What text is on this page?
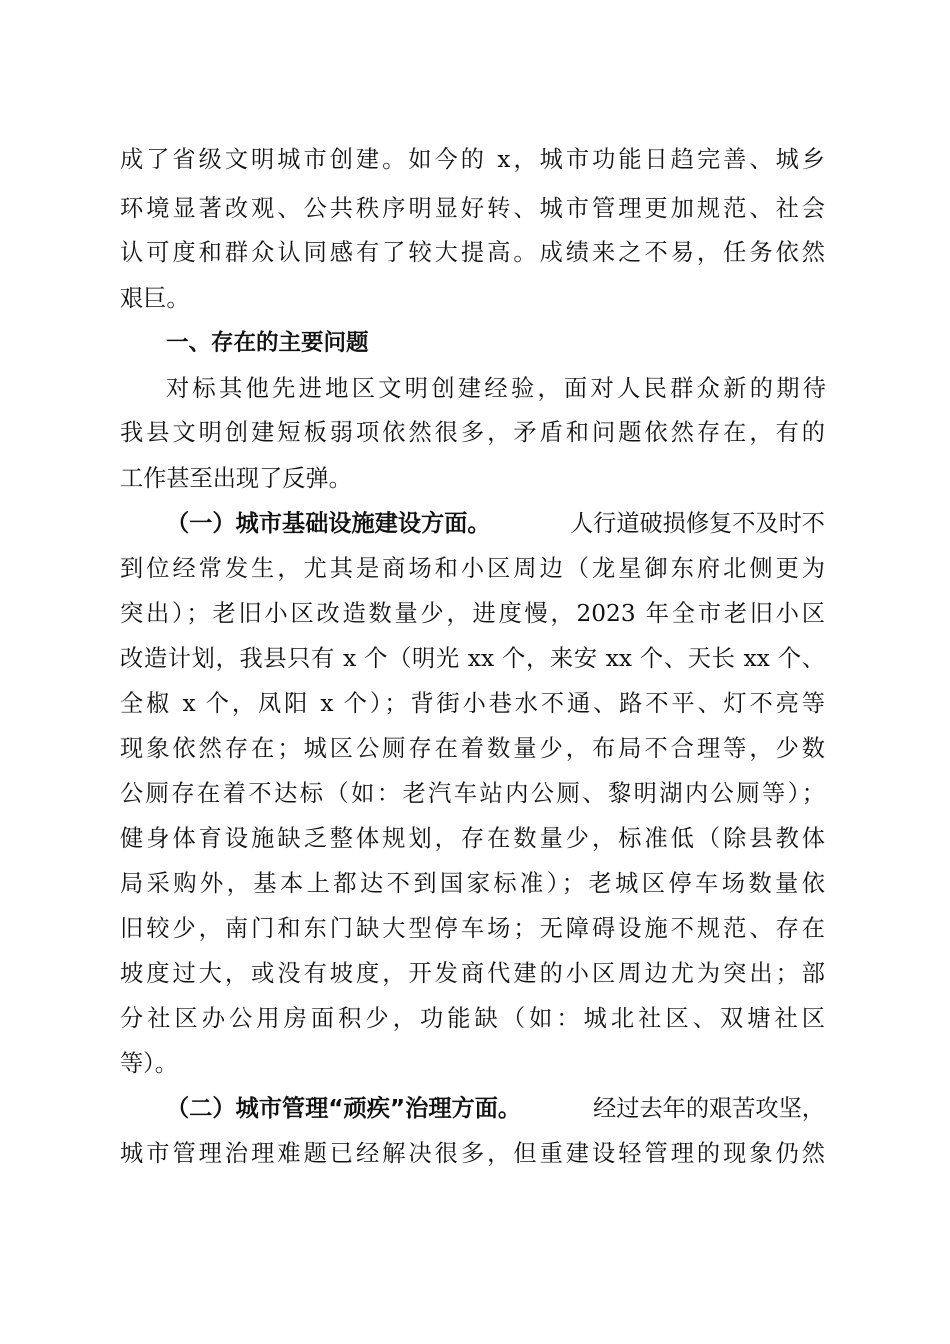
成了省级文明城市创建。如今的 x，城市功能日趋完善、城乡
环境显著改观、公共秩序明显好转、城市管理更加规范、社会
认可度和群众认同感有了较大提高。成绩来之不易，任务依然
艰巨。
一、存在的主要问题
对标其他先进地区文明创建经验，面对人民群众新的期待
我县文明创建短板弱项依然很多，矛盾和问题依然存在，有的
工作甚至出现了反弹。
（一）城市基础设施建设方面。	人行道破损修复不及时不
到位经常发生，尤其是商场和小区周边（龙星御东府北侧更为
突出）；老旧小区改造数量少，进度慢，2023 年全市老旧小区
改造计划，我县只有 x 个（明光 xx 个，来安 xx 个、天长 xx 个、
全椒 x 个，凤阳 x 个）；背街小巷水不通、路不平、灯不亮等
现象依然存在；城区公厕存在着数量少，布局不合理等，少数
公厕存在着不达标（如：老汽车站内公厕、黎明湖内公厕等）；
健身体育设施缺乏整体规划，存在数量少，标准低（除县教体
局采购外，基本上都达不到国家标准）；老城区停车场数量依
旧较少，南门和东门缺大型停车场；无障碍设施不规范、存在
坡度过大，或没有坡度，开发商代建的小区周边尤为突出；部
分社区办公用房面积少，功能缺（如：城北社区、双塘社区
等）。
（二）城市管理“顽疾”治理方面。	经过去年的艰苦攻坚，
城市管理治理难题已经解决很多，但重建设轻管理的现象仍然
